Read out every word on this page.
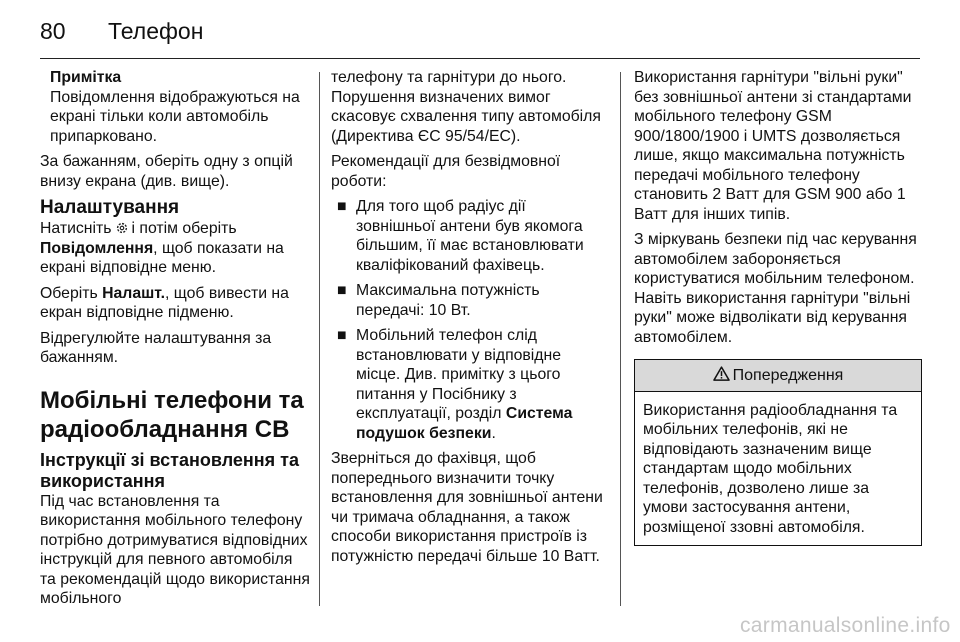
80 Телефон
Примітка
Повідомлення відображуються на екрані тільки коли автомобіль припарковано.

За бажанням, оберіть одну з опцій внизу екрана (див. вище).

Налаштування

Натисніть і потім оберіть Повідомлення, щоб показати на екрані відповідне меню.

Оберіть Налашт., щоб вивести на екран відповідне підменю.

Відрегулюйте налаштування за бажанням.

Мобільні телефони та радіообладнання СВ
Інструкції зі встановлення та використання

Під час встановлення та використання мобільного телефону потрібно дотримуватися відповідних інструкцій для певного автомобіля та рекомендацій щодо використання мобільного

телефону та гарнітури до нього. Порушення визначених вимог скасовує схвалення типу автомобіля (Директива ЄС 95/54/EC).

Рекомендації для безвідмовної роботи:

■ Для того щоб радіус дії зовнішньої антени був якомога більшим, її має встановлювати кваліфікований фахівець.
■ Максимальна потужність передачі: 10 Вт.
■ Мобільний телефон слід встановлювати у відповідне місце. Див. примітку з цього питання у Посібнику з експлуатації, розділ Система подушок безпеки.

Зверніться до фахівця, щоб попереднього визначити точку встановлення для зовнішньої антени чи тримача обладнання, а також способи використання пристроїв із потужністю передачі більше 10 Ватт.

Використання гарнітури "вільні руки" без зовнішньої антени зі стандартами мобільного телефону GSM 900/1800/1900 і UMTS дозволяється лише, якщо максимальна потужність передачі мобільного телефону становить 2 Ватт для GSM 900 або 1 Ватт для інших типів.

З міркувань безпеки під час керування автомобілем забороняється користуватися мобільним телефоном. Навіть використання гарнітури "вільні руки" може відволікати від керування автомобілем.

Попередження
Використання радіообладнання та мобільних телефонів, які не відповідають зазначеним вище стандартам щодо мобільних телефонів, дозволено лише за умови застосування антени, розміщеної ззовні автомобіля.
carmanualsonline.info
